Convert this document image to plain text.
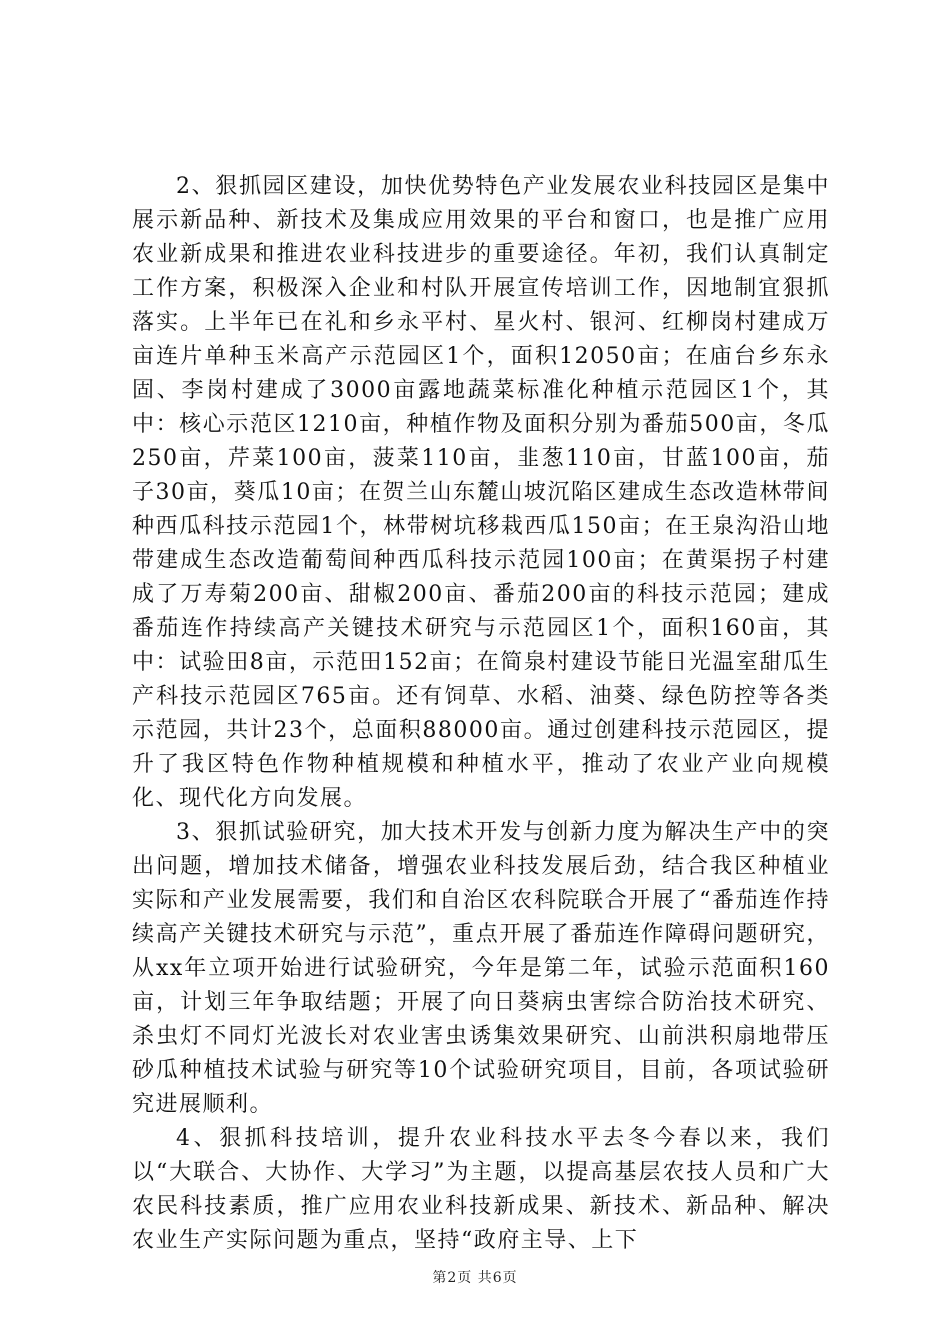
2、狠抓园区建设，加快优势特色产业发展农业科技园区是集中展示新品种、新技术及集成应用效果的平台和窗口，也是推广应用农业新成果和推进农业科技进步的重要途径。年初，我们认真制定工作方案，积极深入企业和村队开展宣传培训工作，因地制宜狠抓落实。上半年已在礼和乡永平村、星火村、银河、红柳岗村建成万亩连片单种玉米高产示范园区1个，面积12050亩；在庙台乡东永固、李岗村建成了3000亩露地蔬菜标准化种植示范园区1个，其中：核心示范区1210亩，种植作物及面积分别为番茄500亩，冬瓜250亩，芹菜100亩，菠菜110亩，韭葱110亩，甘蓝100亩，茄子30亩，葵瓜10亩；在贺兰山东麓山坡沉陷区建成生态改造林带间种西瓜科技示范园1个，林带树坑移栽西瓜150亩；在王泉沟沿山地带建成生态改造葡萄间种西瓜科技示范园100亩；在黄渠拐子村建成了万寿菊200亩、甜椒200亩、番茄200亩的科技示范园；建成番茄连作持续高产关键技术研究与示范园区1个，面积160亩，其中：试验田8亩，示范田152亩；在简泉村建设节能日光温室甜瓜生产科技示范园区765亩。还有饲草、水稻、油葵、绿色防控等各类示范园，共计23个，总面积88000亩。通过创建科技示范园区，提升了我区特色作物种植规模和种植水平，推动了农业产业向规模化、现代化方向发展。

3、狠抓试验研究，加大技术开发与创新力度为解决生产中的突出问题，增加技术储备，增强农业科技发展后劲，结合我区种植业实际和产业发展需要，我们和自治区农科院联合开展了“番茄连作持续高产关键技术研究与示范”，重点开展了番茄连作障碍问题研究，从xx年立项开始进行试验研究，今年是第二年，试验示范面积160亩，计划三年争取结题；开展了向日葵病虫害综合防治技术研究、杀虫灯不同灯光波长对农业害虫诱集效果研究、山前洪积扇地带压砂瓜种植技术试验与研究等10个试验研究项目，目前，各项试验研究进展顺利。

4、狠抓科技培训，提升农业科技水平去冬今春以来，我们以“大联合、大协作、大学习”为主题，以提高基层农技人员和广大农民科技素质，推广应用农业科技新成果、新技术、新品种、解决农业生产实际问题为重点，坚持“政府主导、上下

第2页 共6页
